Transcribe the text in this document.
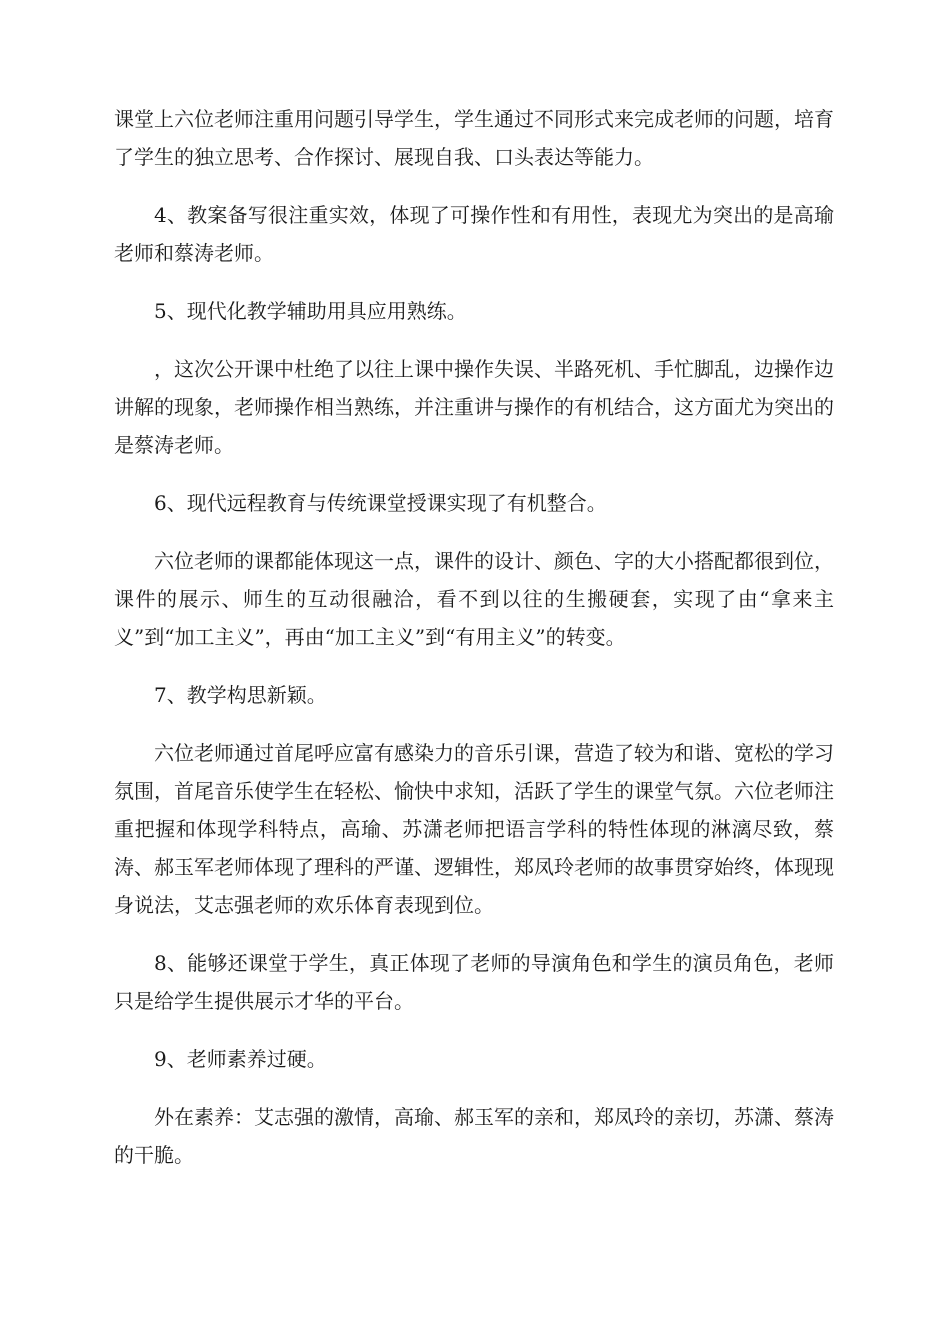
课堂上六位老师注重用问题引导学生，学生通过不同形式来完成老师的问题，培育了学生的独立思考、合作探讨、展现自我、口头表达等能力。

4、教案备写很注重实效，体现了可操作性和有用性，表现尤为突出的是高瑜老师和蔡涛老师。

5、现代化教学辅助用具应用熟练。

，这次公开课中杜绝了以往上课中操作失误、半路死机、手忙脚乱，边操作边讲解的现象，老师操作相当熟练，并注重讲与操作的有机结合，这方面尤为突出的是蔡涛老师。

6、现代远程教育与传统课堂授课实现了有机整合。

六位老师的课都能体现这一点，课件的设计、颜色、字的大小搭配都很到位，课件的展示、师生的互动很融洽，看不到以往的生搬硬套，实现了由“拿来主义”到“加工主义”，再由“加工主义”到“有用主义”的转变。

7、教学构思新颖。

六位老师通过首尾呼应富有感染力的音乐引课，营造了较为和谐、宽松的学习氛围，首尾音乐使学生在轻松、愉快中求知，活跃了学生的课堂气氛。六位老师注重把握和体现学科特点，高瑜、苏潇老师把语言学科的特性体现的淋漓尽致，蔡涛、郝玉军老师体现了理科的严谨、逻辑性，郑凤玲老师的故事贯穿始终，体现现身说法，艾志强老师的欢乐体育表现到位。

8、能够还课堂于学生，真正体现了老师的导演角色和学生的演员角色，老师只是给学生提供展示才华的平台。

9、老师素养过硬。

外在素养：艾志强的激情，高瑜、郝玉军的亲和，郑凤玲的亲切，苏潇、蔡涛的干脆。
